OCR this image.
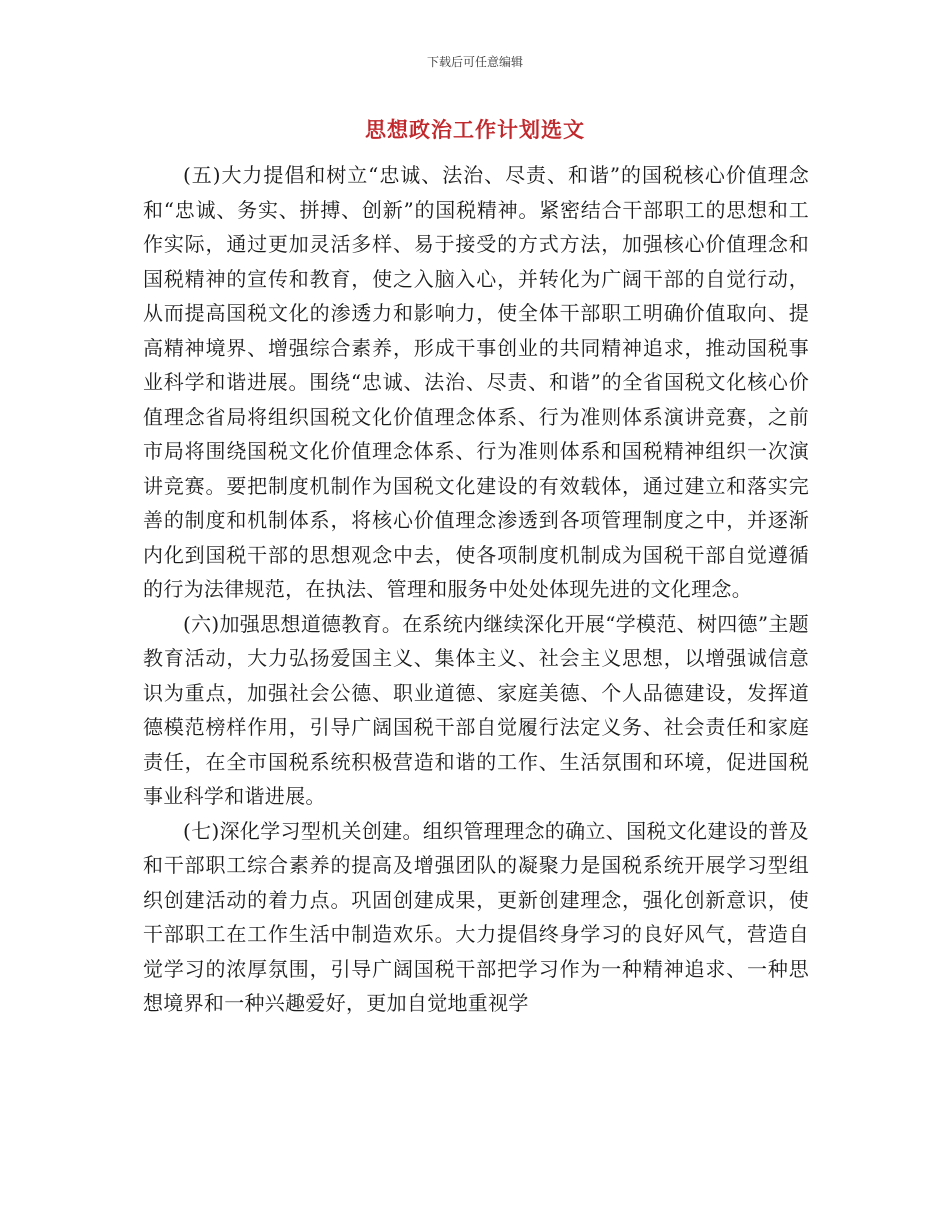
下载后可任意编辑
思想政治工作计划选文

(五)大力提倡和树立“忠诚、法治、尽责、和谐”的国税核心价值理念和“忠诚、务实、拼搏、创新”的国税精神。紧密结合干部职工的思想和工作实际，通过更加灵活多样、易于接受的方式方法，加强核心价值理念和国税精神的宣传和教育，使之入脑入心，并转化为广阔干部的自觉行动，从而提高国税文化的渗透力和影响力，使全体干部职工明确价值取向、提高精神境界、增强综合素养，形成干事创业的共同精神追求，推动国税事业科学和谐进展。围绕“忠诚、法治、尽责、和谐”的全省国税文化核心价值理念省局将组织国税文化价值理念体系、行为准则体系演讲竞赛，之前市局将围绕国税文化价值理念体系、行为准则体系和国税精神组织一次演讲竞赛。要把制度机制作为国税文化建设的有效载体，通过建立和落实完善的制度和机制体系，将核心价值理念渗透到各项管理制度之中，并逐渐内化到国税干部的思想观念中去，使各项制度机制成为国税干部自觉遵循的行为法律规范，在执法、管理和服务中处处体现先进的文化理念。

(六)加强思想道德教育。在系统内继续深化开展“学模范、树四德”主题教育活动，大力弘扬爱国主义、集体主义、社会主义思想，以增强诚信意识为重点，加强社会公德、职业道德、家庭美德、个人品德建设，发挥道德模范榜样作用，引导广阔国税干部自觉履行法定义务、社会责任和家庭责任，在全市国税系统积极营造和谐的工作、生活氛围和环境，促进国税事业科学和谐进展。

(七)深化学习型机关创建。组织管理理念的确立、国税文化建设的普及和干部职工综合素养的提高及增强团队的凝聚力是国税系统开展学习型组织创建活动的着力点。巩固创建成果，更新创建理念，强化创新意识，使干部职工在工作生活中制造欢乐。大力提倡终身学习的良好风气，营造自觉学习的浓厚氛围，引导广阔国税干部把学习作为一种精神追求、一种思想境界和一种兴趣爱好，更加自觉地重视学
